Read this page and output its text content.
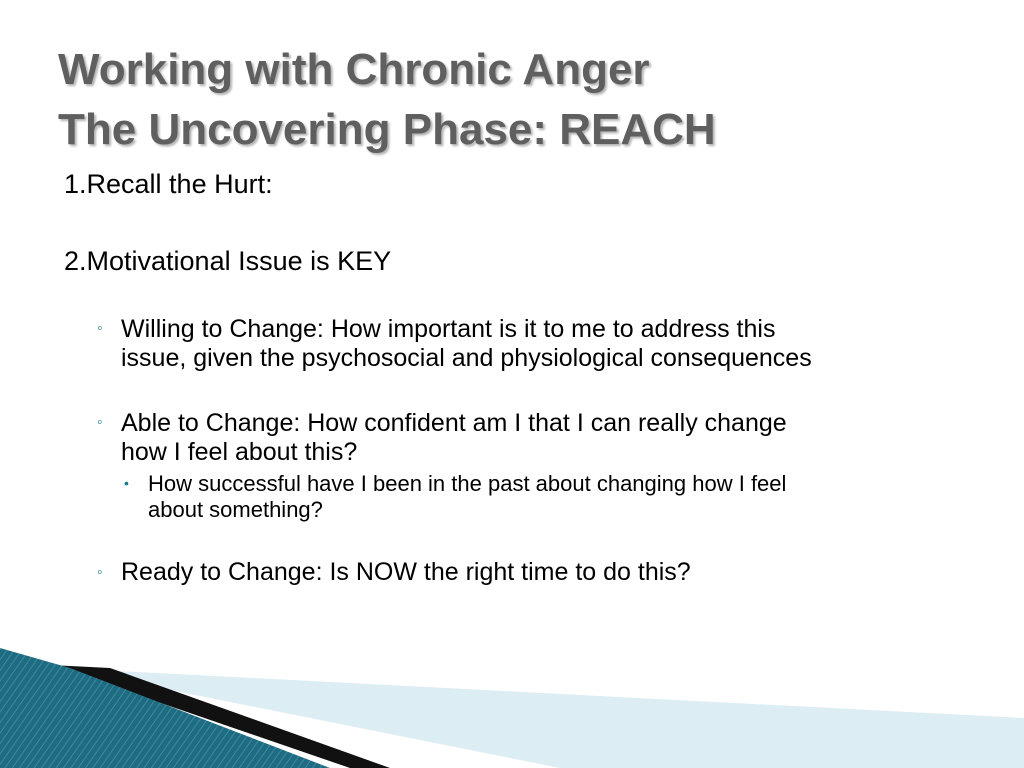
Working with Chronic Anger
The Uncovering Phase: REACH

1.Recall the Hurt:

2.Motivational Issue is KEY

◦ Willing to Change: How important is it to me to address this

issue, given the psychosocial and physiological consequences

◦ Able to Change: How confident am I that I can really change

how I feel about this?

• How successful have I been in the past about changing how I feel

about something?

◦ Ready to Change: Is NOW the right time to do this?
